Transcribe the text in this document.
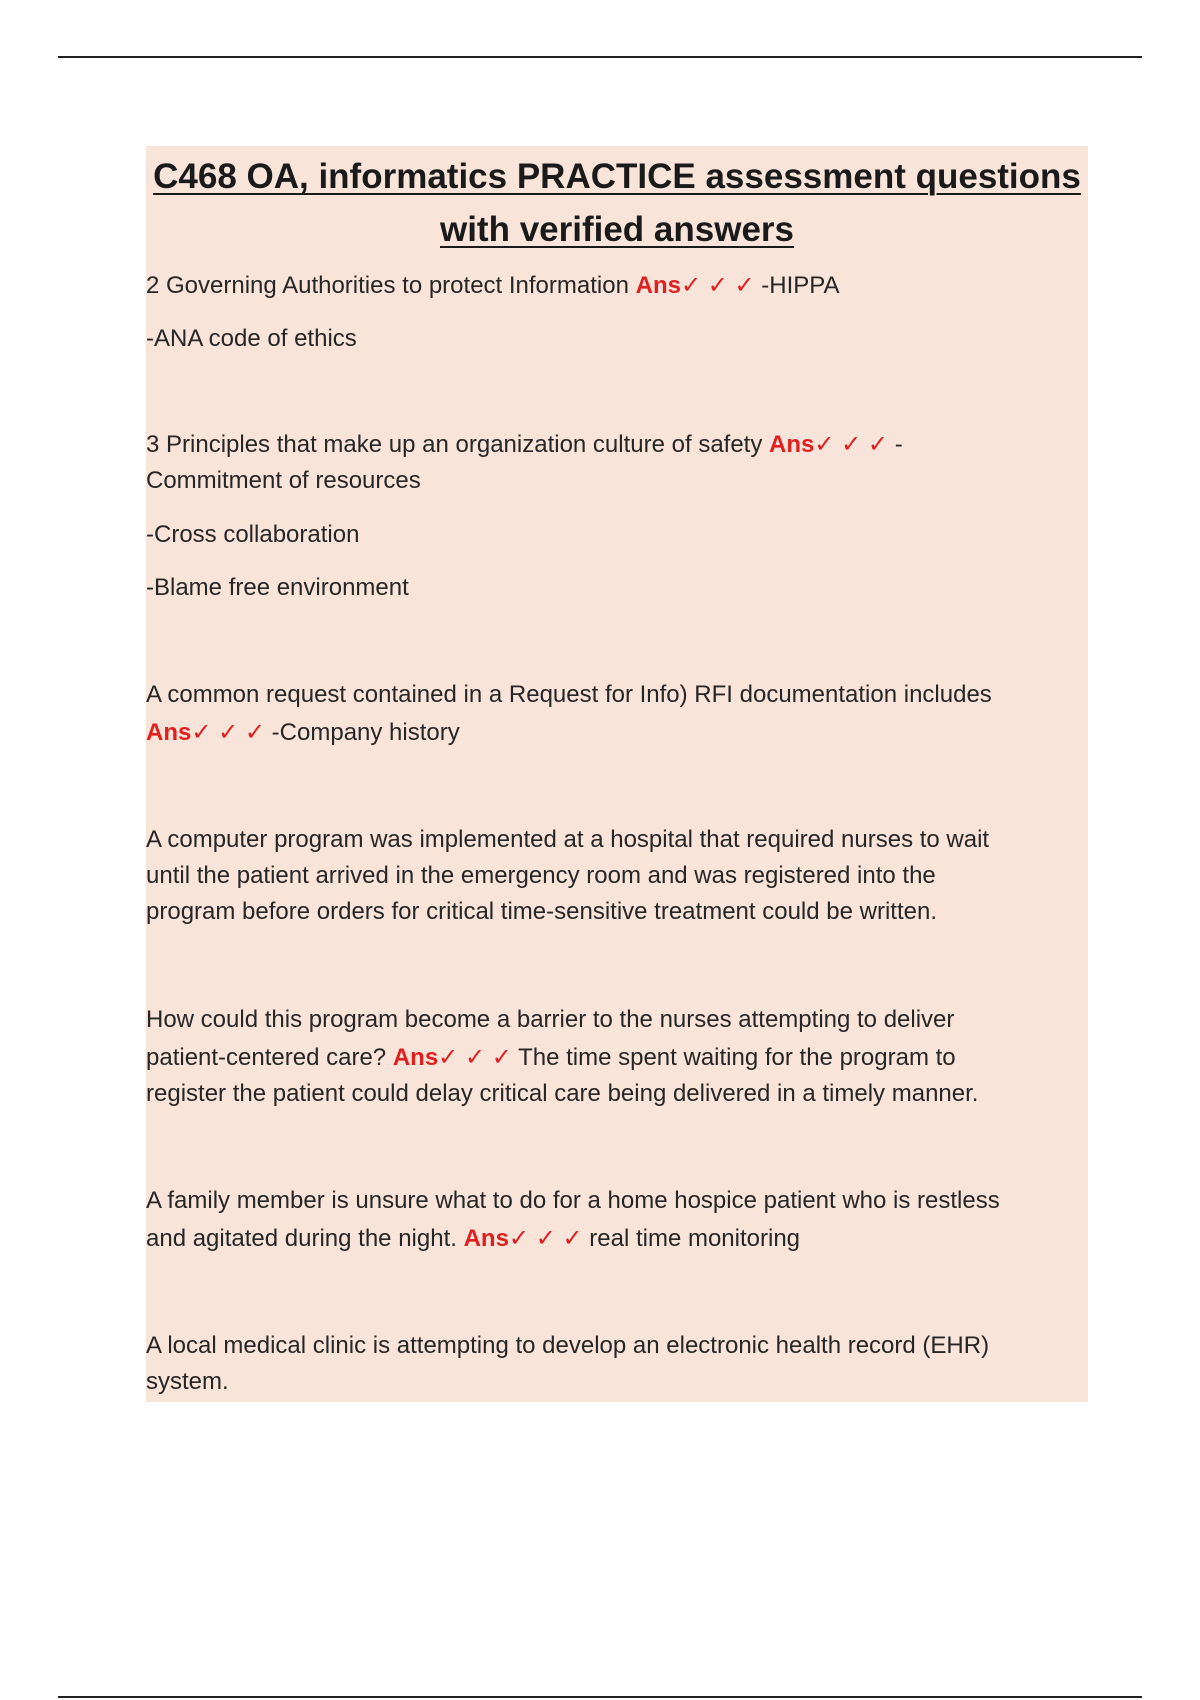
C468 OA, informatics PRACTICE assessment questions
with verified answers

2 Governing Authorities to protect Information Ans✓ ✓ ✓ -HIPPA

-ANA code of ethics

3 Principles that make up an organization culture of safety Ans✓ ✓ ✓ -

Commitment of resources

-Cross collaboration

-Blame free environment

A common request contained in a Request for Info) RFI documentation includes

Ans✓ ✓ ✓ -Company history

A computer program was implemented at a hospital that required nurses to wait

until the patient arrived in the emergency room and was registered into the

program before orders for critical time-sensitive treatment could be written.

How could this program become a barrier to the nurses attempting to deliver

patient-centered care? Ans✓ ✓ ✓ The time spent waiting for the program to

register the patient could delay critical care being delivered in a timely manner.

A family member is unsure what to do for a home hospice patient who is restless

and agitated during the night. Ans✓ ✓ ✓ real time monitoring

A local medical clinic is attempting to develop an electronic health record (EHR)

system.
